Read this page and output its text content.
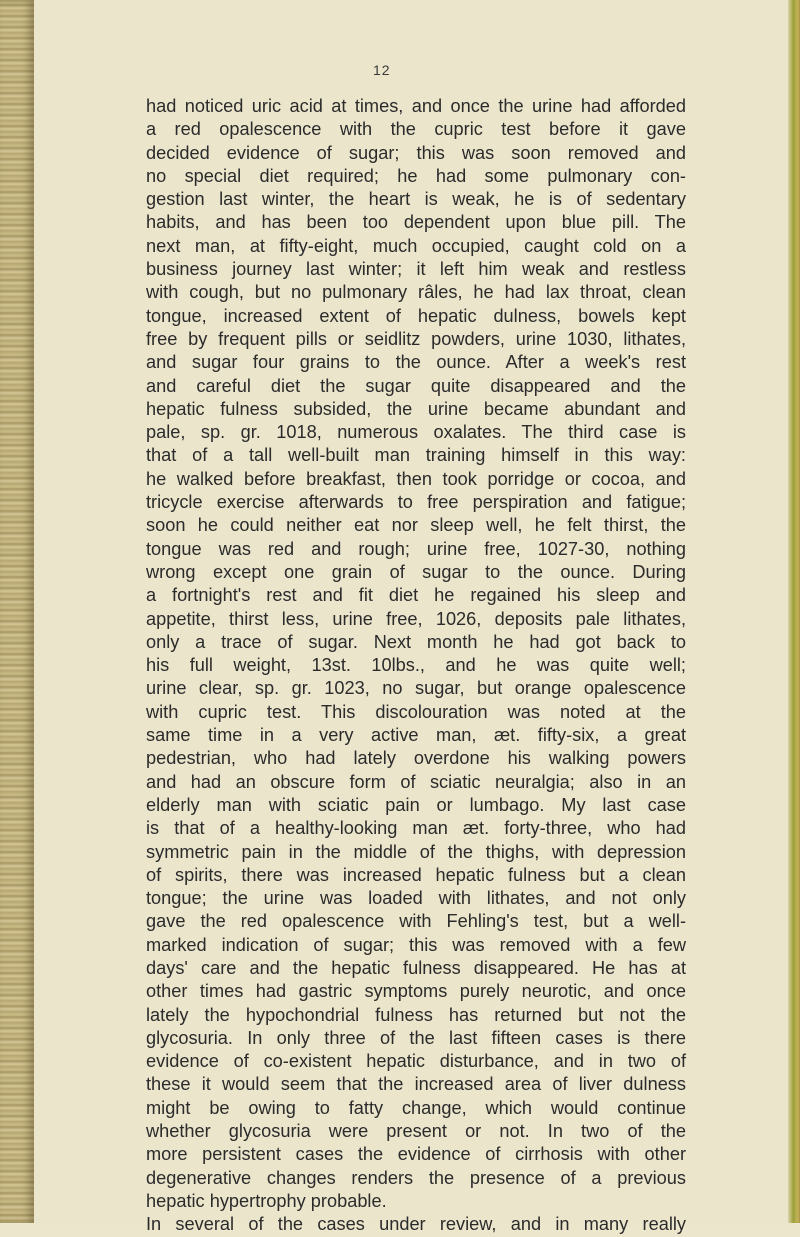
12
had noticed uric acid at times, and once the urine had afforded
a red opalescence with the cupric test before it gave
decided evidence of sugar; this was soon removed and
no special diet required; he had some pulmonary con-
gestion last winter, the heart is weak, he is of sedentary
habits, and has been too dependent upon blue pill. The
next man, at fifty-eight, much occupied, caught cold on a
business journey last winter; it left him weak and restless
with cough, but no pulmonary râles, he had lax throat, clean
tongue, increased extent of hepatic dulness, bowels kept
free by frequent pills or seidlitz powders, urine 1030, lithates,
and sugar four grains to the ounce. After a week's rest
and careful diet the sugar quite disappeared and the
hepatic fulness subsided, the urine became abundant and
pale, sp. gr. 1018, numerous oxalates. The third case is
that of a tall well-built man training himself in this way:
he walked before breakfast, then took porridge or cocoa, and
tricycle exercise afterwards to free perspiration and fatigue;
soon he could neither eat nor sleep well, he felt thirst, the
tongue was red and rough; urine free, 1027-30, nothing
wrong except one grain of sugar to the ounce. During
a fortnight's rest and fit diet he regained his sleep and
appetite, thirst less, urine free, 1026, deposits pale lithates,
only a trace of sugar. Next month he had got back to
his full weight, 13st. 10lbs., and he was quite well;
urine clear, sp. gr. 1023, no sugar, but orange opalescence
with cupric test. This discolouration was noted at the
same time in a very active man, æt. fifty-six, a great
pedestrian, who had lately overdone his walking powers
and had an obscure form of sciatic neuralgia; also in an
elderly man with sciatic pain or lumbago. My last case
is that of a healthy-looking man æt. forty-three, who had
symmetric pain in the middle of the thighs, with depression
of spirits, there was increased hepatic fulness but a clean
tongue; the urine was loaded with lithates, and not only
gave the red opalescence with Fehling's test, but a well-
marked indication of sugar; this was removed with a few
days' care and the hepatic fulness disappeared. He has at
other times had gastric symptoms purely neurotic, and once
lately the hypochondrial fulness has returned but not the
glycosuria. In only three of the last fifteen cases is there
evidence of co-existent hepatic disturbance, and in two of
these it would seem that the increased area of liver dulness
might be owing to fatty change, which would continue
whether glycosuria were present or not. In two of the
more persistent cases the evidence of cirrhosis with other
degenerative changes renders the presence of a previous
hepatic hypertrophy probable.
In several of the cases under review, and in many really
